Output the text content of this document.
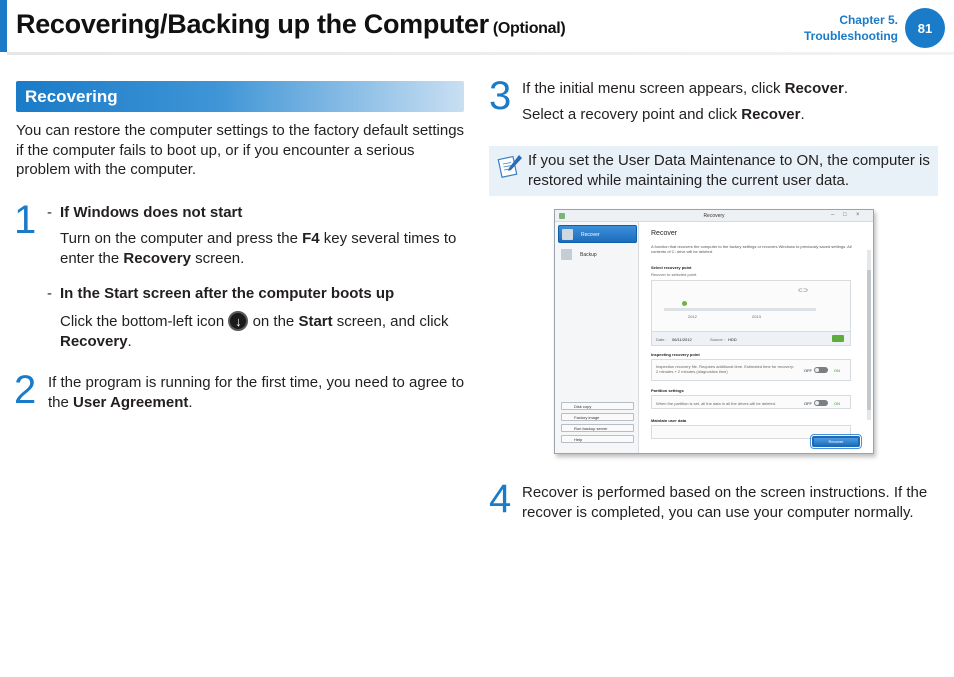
Recovering/Backing up the Computer (Optional)	Chapter 5.
Troubleshooting
81
Recovering

You can restore the computer settings to the factory default settings if the computer fails to boot up, or if you encounter a serious problem with the computer.

1 - If Windows does not start
Turn on the computer and press the F4 key several times to enter the Recovery screen.
- In the Start screen after the computer boots up
Click the bottom-left icon ↓ on the Start screen, and click Recovery.
2 If the program is running for the first time, you need to agree to the User Agreement.
3 If the initial menu screen appears, click Recover.
Select a recovery point and click Recover.

If you set the User Data Maintenance to ON, the computer is restored while maintaining the current user data.

Recovery	– □ ×
Recover
Backup
Disk copy
Factory image
Run backup server
Help
Recover
A function that recovers the computer to the factory settings or recovers Windows to previously saved settings. All contents of C: drive will be deleted.
Select recovery point
Recover to selected point.
⊂⊃
2012	2013
Date : 06/11/2012	Source : HDD
Inspecting recovery point
Inspection recovery file. Requires additional time. Estimated time for recovery: 2 minutes + 2 minutes (diagnostics time)	OFF	ON
Partition settings
When the partition is set, all the data in all the drives will be deleted.	OFF	ON
Maintain user data
Recover
4 Recover is performed based on the screen instructions. If the recover is completed, you can use your computer normally.
